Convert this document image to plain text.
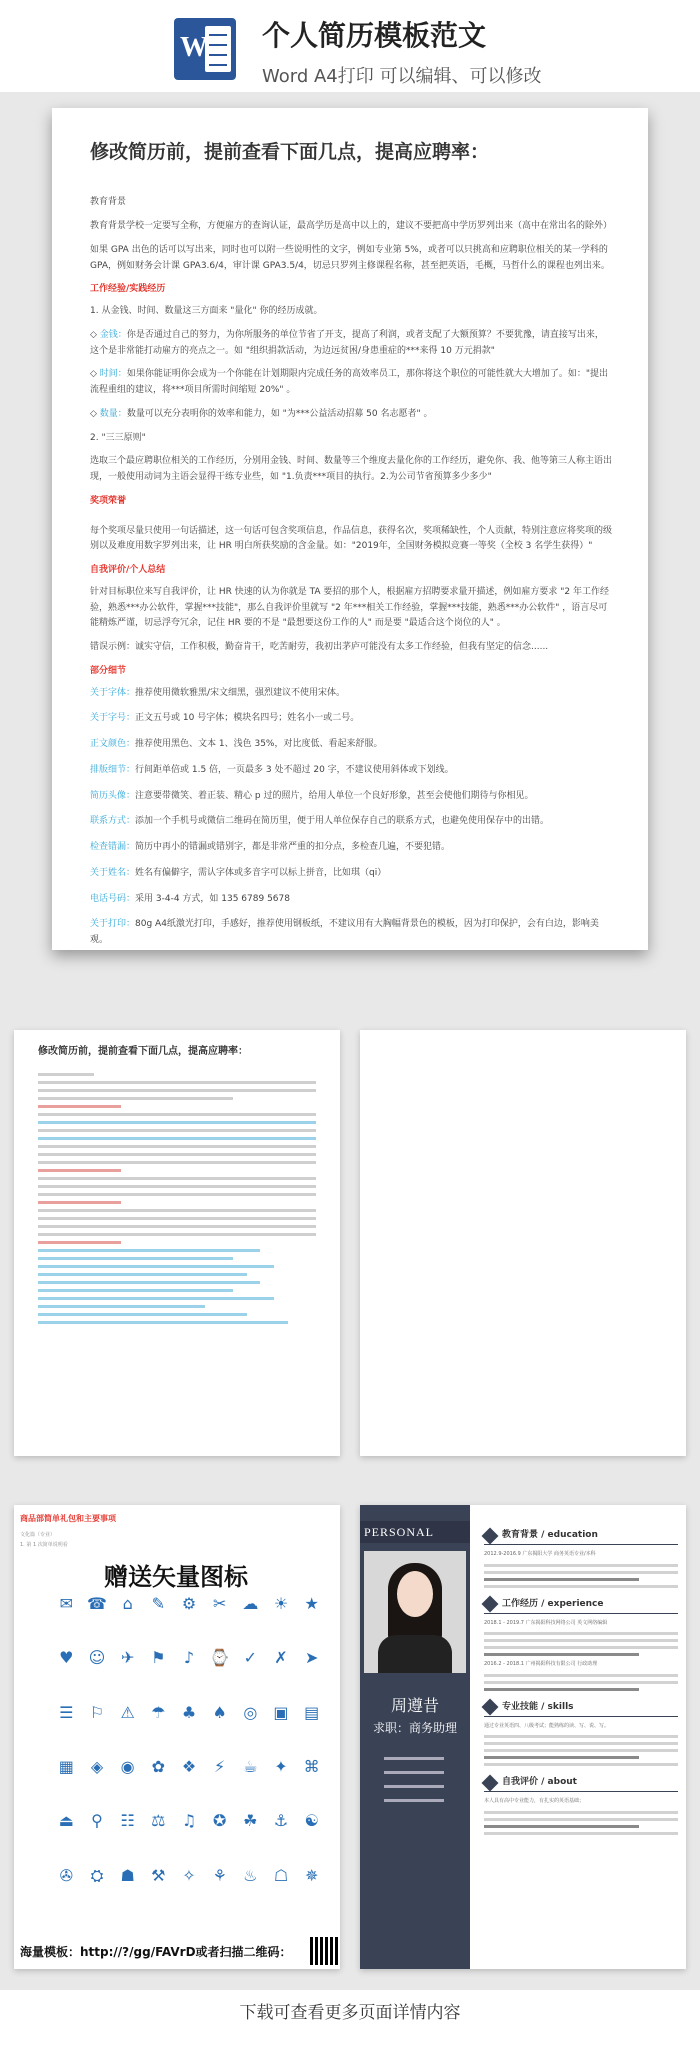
W 个人简历模板范文
Word A4打印 可以编辑、可以修改
修改简历前，提前查看下面几点，提高应聘率：

教育背景

教育背景学校一定要写全称，方便雇方的查询认证，最高学历是高中以上的，建议不要把高中学历罗列出来（高中在常出名的除外）

如果 GPA 出色的话可以写出来，同时也可以附一些说明性的文字，例如专业第 5%，或者可以只挑高和应聘职位相关的某一学科的 GPA，例如财务会计课 GPA3.6/4，审计课 GPA3.5/4，切忌只罗列主修课程名称，甚至把英语，毛概，马哲什么的课程也列出来。

工作经验/实践经历

1. 从金钱、时间、数量这三方面来 "量化" 你的经历成就。

◇ 金钱：你是否通过自己的努力，为你所服务的单位节省了开支，提高了利润，或者支配了大额预算？不要犹豫，请直接写出来，这个是非常能打动雇方的亮点之一。如 "组织捐款活动，为边远贫困/身患重症的***来得 10 万元捐款"

◇ 时间：如果你能证明你会成为一个你能在计划期限内完成任务的高效率员工，那你将这个职位的可能性就大大增加了。如："提出流程重组的建议，将***项目所需时间缩短 20%" 。

◇ 数量：数量可以充分表明你的效率和能力，如 "为***公益活动招募 50 名志愿者" 。

2. "三三原则"

选取三个最应聘职位相关的工作经历，分别用金钱、时间、数量等三个维度去量化你的工作经历，避免你、我、他等第三人称主语出现，一般使用动词为主语会显得干练专业些，如 "1.负责***项目的执行。2.为公司节省预算多少多少"

奖项荣誉

每个奖项尽量只使用一句话描述，这一句话可包含奖项信息，作品信息，获得名次，奖项稀缺性，个人贡献，特别注意应将奖项的级别以及难度用数字罗列出来，让 HR 明白所获奖励的含金量。如："2019年，全国财务模拟竞赛一等奖（全校 3 名学生获得）"

自我评价/个人总结

针对目标职位来写自我评价，让 HR 快速的认为你就是 TA 要招的那个人，根据雇方招聘要求量开描述，例如雇方要求 "2 年工作经验，熟悉***办公软件，掌握***技能"，那么自我评价里就写 "2 年***相关工作经验，掌握***技能，熟悉***办公软件" ，语言尽可能精炼严谨，切忌浮夸冗余，记住 HR 要的不是 "最想要这份工作的人" 而是要 "最适合这个岗位的人" 。

错误示例：诚实守信，工作积极，勤奋肯干，吃苦耐劳，我初出茅庐可能没有太多工作经验，但我有坚定的信念......

部分细节
关于字体：推荐使用微软雅黑/宋文细黑，强烈建议不使用宋体。
关于字号：正文五号或 10 号字体；模块名四号；姓名小一或二号。
正文颜色：推荐使用黑色、文本 1、浅色 35%，对比度低、看起来舒服。
排版细节：行间距单倍或 1.5 倍，一页最多 3 处不超过 20 字，不建议使用斜体或下划线。
简历头像：注意要带微笑、着正装、精心 p 过的照片，给用人单位一个良好形象，甚至会使他们期待与你相见。
联系方式：添加一个手机号或微信二维码在简历里，便于用人单位保存自己的联系方式，也避免使用保存中的出错。
检查错漏：简历中再小的错漏或错别字，都是非常严重的扣分点，多检查几遍，不要犯错。
关于姓名：姓名有偏僻字，需认字体或多音字可以标上拼音，比如琪（qi）
电话号码：采用 3-4-4 方式，如 135 6789 5678
关于打印：80g A4纸激光打印，手感好，推荐使用钢板纸，不建议用有大胸幅背景色的模板，因为打印保护，会有白边，影响美观。
修改简历前，提前查看下面几点，提高应聘率：
商品部简单礼包和主要事项
文化篇（专业）
1. 第 1 次简单说明看
赠送矢量图标
✉ ☎ ⌂	✎	⚙	✂ ☁ ☀	★
♥ ☺ ✈	⚑	♪ ⌚ ✓	✗	➤
☰	⚐	⚠	☂	♣	♠	◎	▣ ▤
▦	◈	◉	✿	❖	⚡	☕	✦ ⌘
⏏	⚲	☷	⚖	♫	✪	☘	⚓	☯
✇	⛭	☗	⚒	✧	⚘	♨	☖	✵
海量模板：http://?/gg/FAVrD或者扫描二维码：
PERSONAL
周遵昔
求职：商务助理
教育背景 / education
2012.9-2016.9 广东揭阳大学 商务英语专业/本科
工作经历 / experience
2018.1 - 2019.7 广东揭阳科技网络公司 英文网络编辑
2016.2 - 2018.1 广州揭阳科技有限公司 行政助理
专业技能 / skills
通过专业英语四、八级考试；能熟练的读、写、说、写。
自我评价 / about
本人具有高中专业能力，有扎实的英语基础；
下载可查看更多页面详情内容
